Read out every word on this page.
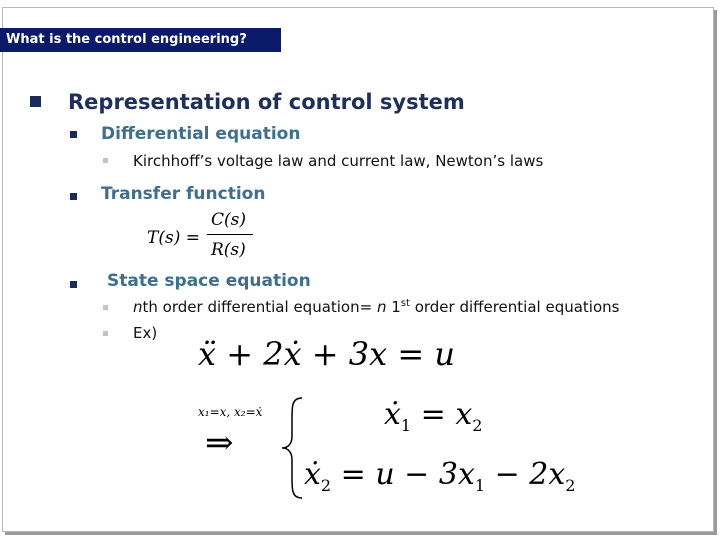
What is the control engineering?
Representation of control system
Differential equation
Kirchhoff’s voltage law and current law, Newton’s laws
Transfer function
T(s) =
C(s)
R(s)
State space equation
nth order differential equation= n 1st order differential equations
Ex)
ẍ + 2ẋ + 3x = u
x₁=x, x₂=ẋ
⇒
ẋ$_1$ = $x_2$
ẋ$_2$ = $u - 3x_1 - 2x_2$
